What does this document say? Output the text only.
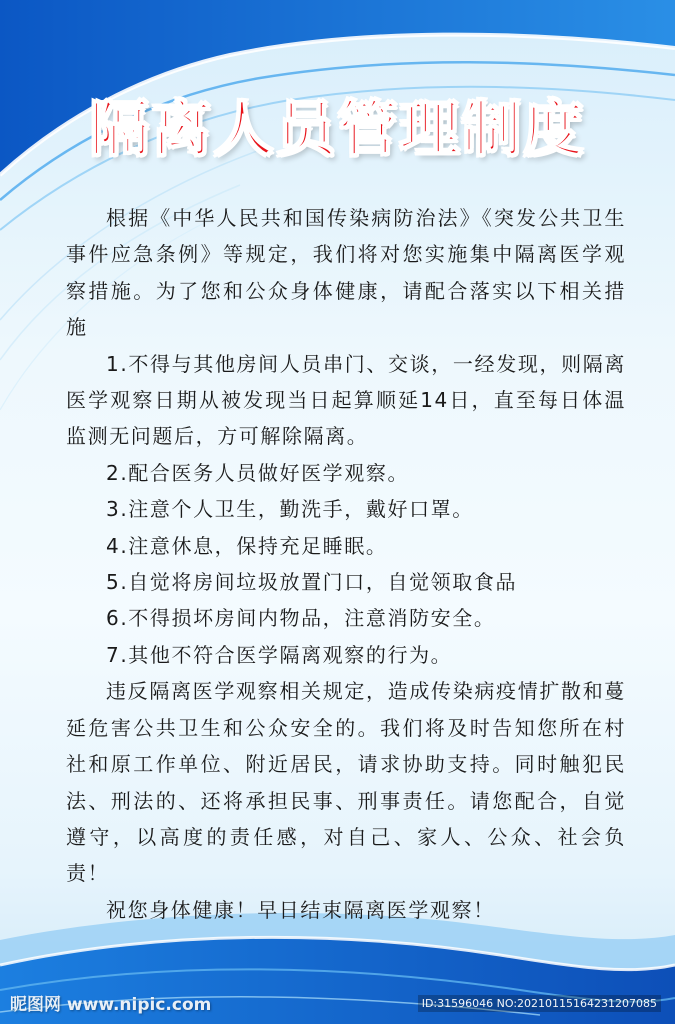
隔离人员管理制度

根据《中华人民共和国传染病防治法》《突发公共卫生事件应急条例》等规定，我们将对您实施集中隔离医学观察措施。为了您和公众身体健康，请配合落实以下相关措施

1.不得与其他房间人员串门、交谈，一经发现，则隔离医学观察日期从被发现当日起算顺延14日，直至每日体温监测无问题后，方可解除隔离。

2.配合医务人员做好医学观察。

3.注意个人卫生，勤洗手，戴好口罩。

4.注意休息，保持充足睡眠。

5.自觉将房间垃圾放置门口，自觉领取食品

6.不得损坏房间内物品，注意消防安全。

7.其他不符合医学隔离观察的行为。

违反隔离医学观察相关规定，造成传染病疫情扩散和蔓延危害公共卫生和公众安全的。我们将及时告知您所在村社和原工作单位、附近居民，请求协助支持。同时触犯民法、刑法的、还将承担民事、刑事责任。请您配合，自觉遵守，以高度的责任感，对自己、家人、公众、社会负责！

祝您身体健康！早日结束隔离医学观察！

昵图网 www.nipic.com	ID:31596046 NO:20210115164231207085
